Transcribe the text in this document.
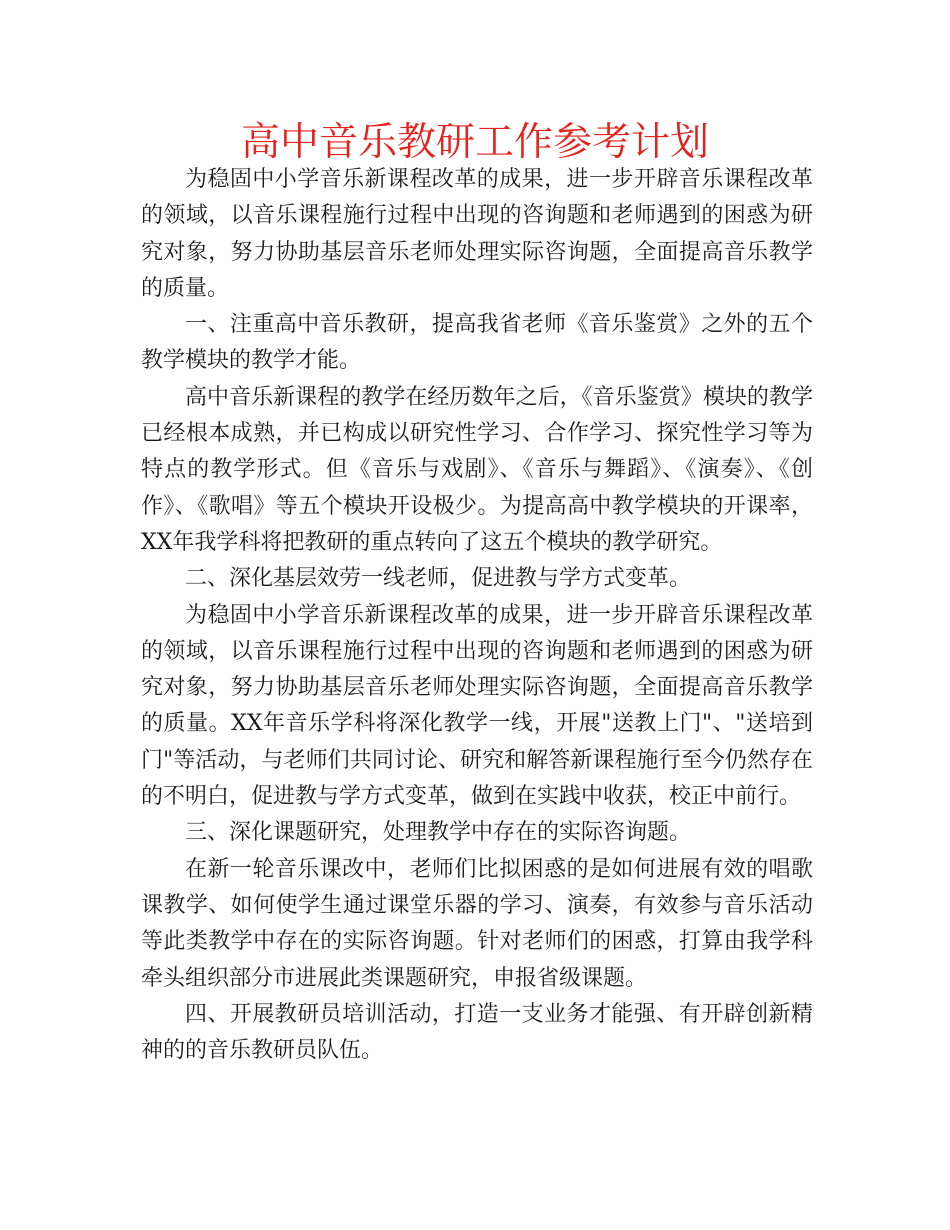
高中音乐教研工作参考计划

为稳固中小学音乐新课程改革的成果，进一步开辟音乐课程改革的领域，以音乐课程施行过程中出现的咨询题和老师遇到的困惑为研究对象，努力协助基层音乐老师处理实际咨询题，全面提高音乐教学的质量。

一、注重高中音乐教研，提高我省老师《音乐鉴赏》之外的五个教学模块的教学才能。

高中音乐新课程的教学在经历数年之后，《音乐鉴赏》模块的教学已经根本成熟，并已构成以研究性学习、合作学习、探究性学习等为特点的教学形式。但《音乐与戏剧》、《音乐与舞蹈》、《演奏》、《创作》、《歌唱》等五个模块开设极少。为提高高中教学模块的开课率，XX年我学科将把教研的重点转向了这五个模块的教学研究。

二、深化基层效劳一线老师，促进教与学方式变革。

为稳固中小学音乐新课程改革的成果，进一步开辟音乐课程改革的领域，以音乐课程施行过程中出现的咨询题和老师遇到的困惑为研究对象，努力协助基层音乐老师处理实际咨询题，全面提高音乐教学的质量。XX年音乐学科将深化教学一线，开展"送教上门"、"送培到门"等活动，与老师们共同讨论、研究和解答新课程施行至今仍然存在的不明白，促进教与学方式变革，做到在实践中收获，校正中前行。

三、深化课题研究，处理教学中存在的实际咨询题。

在新一轮音乐课改中，老师们比拟困惑的是如何进展有效的唱歌课教学、如何使学生通过课堂乐器的学习、演奏，有效参与音乐活动等此类教学中存在的实际咨询题。针对老师们的困惑，打算由我学科牵头组织部分市进展此类课题研究，申报省级课题。

四、开展教研员培训活动，打造一支业务才能强、有开辟创新精神的的音乐教研员队伍。
